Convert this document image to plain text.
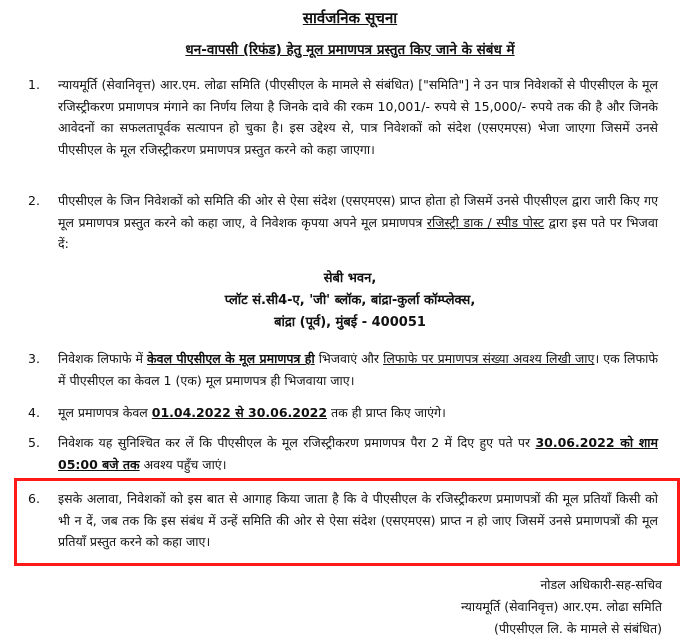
सार्वजनिक सूचना
धन-वापसी (रिफंड) हेतु मूल प्रमाणपत्र प्रस्तुत किए जाने के संबंध में
1.	न्यायमूर्ति (सेवानिवृत्त) आर.एम. लोढा समिति (पीएसीएल के मामले से संबंधित) ["समिति"] ने उन पात्र निवेशकों से पीएसीएल के मूल रजिस्ट्रीकरण प्रमाणपत्र मंगाने का निर्णय लिया है जिनके दावे की रकम 10,001/- रुपये से 15,000/- रुपये तक की है और जिनके आवेदनों का सफलतापूर्वक सत्यापन हो चुका है। इस उद्देश्य से, पात्र निवेशकों को संदेश (एसएमएस) भेजा जाएगा जिसमें उनसे पीएसीएल के मूल रजिस्ट्रीकरण प्रमाणपत्र प्रस्तुत करने को कहा जाएगा।
2.	पीएसीएल के जिन निवेशकों को समिति की ओर से ऐसा संदेश (एसएमएस) प्राप्त होता हो जिसमें उनसे पीएसीएल द्वारा जारी किए गए मूल प्रमाणपत्र प्रस्तुत करने को कहा जाए, वे निवेशक कृपया अपने मूल प्रमाणपत्र रजिस्ट्री डाक / स्पीड पोस्ट द्वारा इस पते पर भिजवा दें:
सेबी भवन,
प्लॉट सं.सी4-ए, 'जी' ब्लॉक, बांद्रा-कुर्ला कॉम्प्लेक्स,
बांद्रा (पूर्व), मुंबई - 400051
3.	निवेशक लिफाफे में केवल पीएसीएल के मूल प्रमाणपत्र ही भिजवाएं और लिफाफे पर प्रमाणपत्र संख्या अवश्य लिखी जाए। एक लिफाफे में पीएसीएल का केवल 1 (एक) मूल प्रमाणपत्र ही भिजवाया जाए।
4.	मूल प्रमाणपत्र केवल 01.04.2022 से 30.06.2022 तक ही प्राप्त किए जाएंगे।
5.	निवेशक यह सुनिश्चित कर लें कि पीएसीएल के मूल रजिस्ट्रीकरण प्रमाणपत्र पैरा 2 में दिए हुए पते पर 30.06.2022 को शाम 05:00 बजे तक अवश्य पहुँच जाएं।
6.	इसके अलावा, निवेशकों को इस बात से आगाह किया जाता है कि वे पीएसीएल के रजिस्ट्रीकरण प्रमाणपत्रों की मूल प्रतियाँ किसी को भी न दें, जब तक कि इस संबंध में उन्हें समिति की ओर से ऐसा संदेश (एसएमएस) प्राप्त न हो जाए जिसमें उनसे प्रमाणपत्रों की मूल प्रतियाँ प्रस्तुत करने को कहा जाए।
नोडल अधिकारी-सह-सचिव
न्यायमूर्ति (सेवानिवृत्त) आर.एम. लोढा समिति
(पीएसीएल लि. के मामले से संबंधित)
